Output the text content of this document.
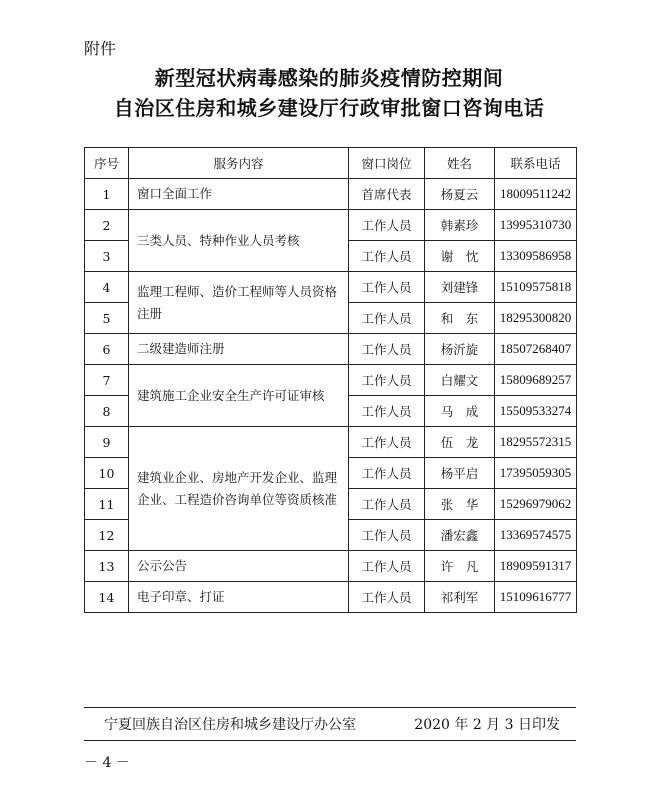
附件
新型冠状病毒感染的肺炎疫情防控期间
自治区住房和城乡建设厅行政审批窗口咨询电话
序号	服务内容	窗口岗位	姓名	联系电话
1	窗口全面工作	首席代表	杨夏云	18009511242
2	三类人员、特种作业人员考核	工作人员	韩素珍	13995310730
3		工作人员	谢　忱	13309586958
4	监理工程师、造价工程师等人员资格注册	工作人员	刘建锋	15109575818
5		工作人员	和　东	18295300820
6	二级建造师注册	工作人员	杨沂旋	18507268407
7	建筑施工企业安全生产许可证审核	工作人员	白耀文	15809689257
8		工作人员	马　成	15509533274
9	建筑业企业、房地产开发企业、监理企业、工程造价咨询单位等资质核准	工作人员	伍　龙	18295572315
10		工作人员	杨平启	17395059305
11		工作人员	张　华	15296979062
12		工作人员	潘宏鑫	13369574575
13	公示公告	工作人员	许　凡	18909591317
14	电子印章、打证	工作人员	祁利军	15109616777
宁夏回族自治区住房和城乡建设厅办公室	2020 年 2 月 3 日印发
－ 4 －
